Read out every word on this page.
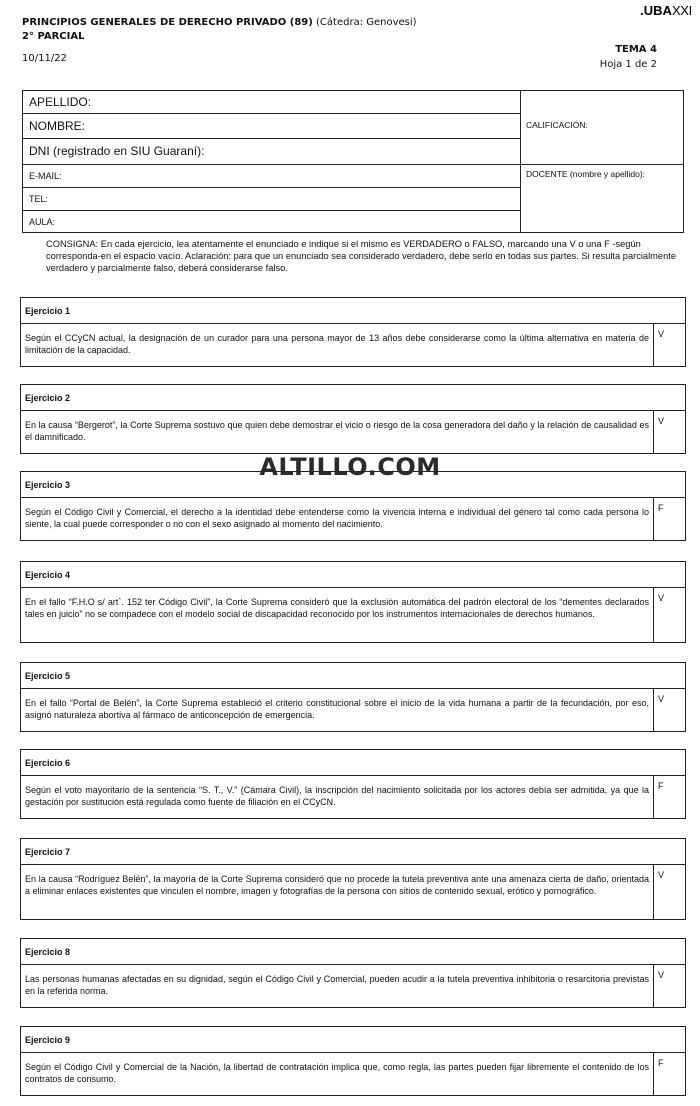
.UBAXXI
PRINCIPIOS GENERALES DE DERECHO PRIVADO (89) (Cátedra: Genovesi)
2° PARCIAL
10/11/22
TEMA 4
Hoja 1 de 2
APELLIDO:
NOMBRE:
DNI (registrado en SIU Guaraní):
E-MAIL:
TEL:
AULA:
CALIFICACIÓN:
DOCENTE (nombre y apellido):
CONSIGNA: En cada ejercicio, lea atentamente el enunciado e indique si el mismo es VERDADERO o FALSO, marcando una V o una F -según corresponda-en el espacio vacío. Aclaración: para que un enunciado sea considerado verdadero, debe serlo en todas sus partes. Si resulta parcialmente verdadero y parcialmente falso, deberá considerarse falso.
ALTILLO.COM
Ejercicio 1
Según el CCyCN actual, la designación de un curador para una persona mayor de 13 años debe considerarse como la última alternativa en materia de limitación de la capacidad.
V
Ejercicio 2
En la causa “Bergerot”, la Corte Suprema sostuvo que quien debe demostrar el vicio o riesgo de la cosa generadora del daño y la relación de causalidad es el damnificado.
V
Ejercicio 3
Según el Código Civil y Comercial, el derecho a la identidad debe entenderse como la vivencia interna e individual del género tal como cada persona lo siente, la cual puede corresponder o no con el sexo asignado al momento del nacimiento.
F
Ejercicio 4
En el fallo “F.H.O s/ art`. 152 ter Código Civil”, la Corte Suprema consideró que la exclusión automática del padrón electoral de los “dementes declarados tales en juicio” no se compadece con el modelo social de discapacidad reconocido por los instrumentos internacionales de derechos humanos.
V
Ejercicio 5
En el fallo “Portal de Belén”, la Corte Suprema estableció el criterio constitucional sobre el inicio de la vida humana a partir de la fecundación, por eso, asignó naturaleza abortiva al fármaco de anticoncepción de emergencia.
V
Ejercicio 6
Según el voto mayoritario de la sentencia “S. T., V.” (Cámara Civil), la inscripción del nacimiento solicitada por los actores debía ser admitida, ya que la gestación por sustitución está regulada como fuente de filiación en el CCyCN.
F
Ejercicio 7
En la causa “Rodríguez Belén”, la mayoría de la Corte Suprema consideró que no procede la tutela preventiva ante una amenaza cierta de daño, orientada a eliminar enlaces existentes que vinculen el nombre, imagen y fotografías de la persona con sitios de contenido sexual, erótico y pornográfico.
V
Ejercicio 8
Las personas humanas afectadas en su dignidad, según el Código Civil y Comercial, pueden acudir a la tutela preventiva inhibitoria o resarcitoria previstas en la referida norma.
V
Ejercicio 9
Según el Código Civil y Comercial de la Nación, la libertad de contratación implica que, como regla, las partes pueden fijar libremente el contenido de los contratos de consumo.
F
